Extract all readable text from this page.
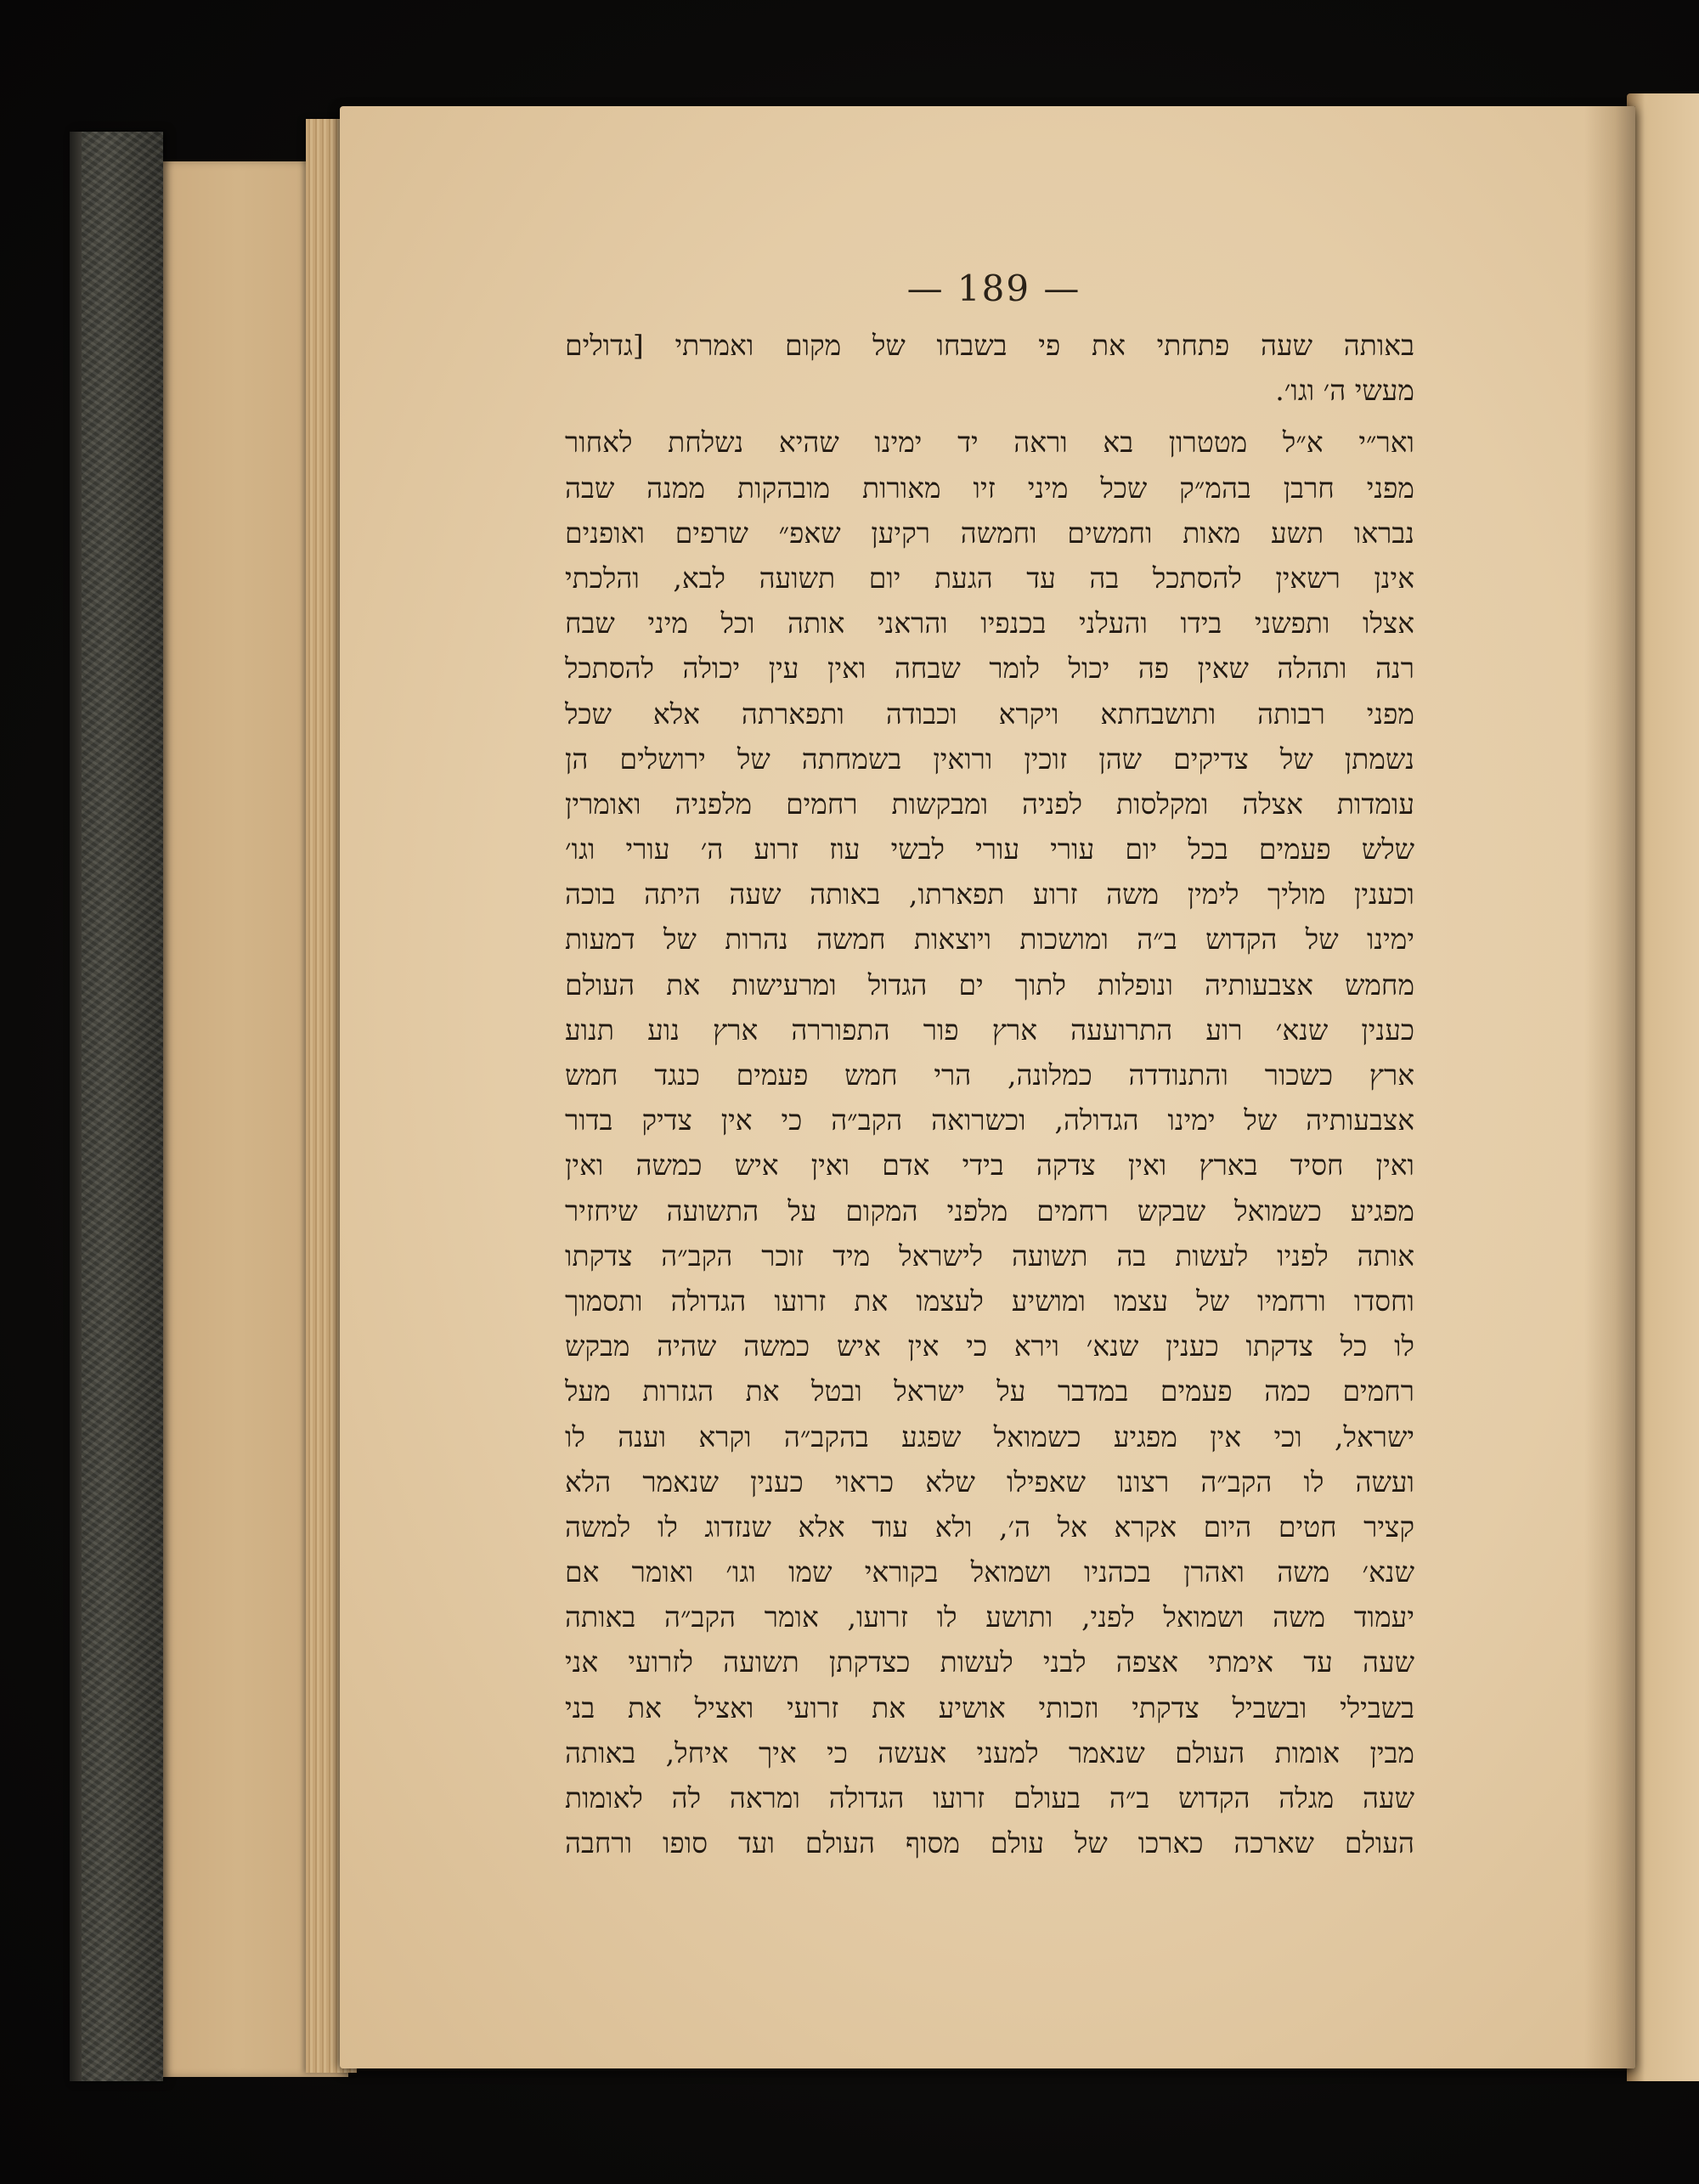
— 189 —
באותה שעה פתחתי את פי בשבחו של מקום ואמרתי [גדולים
מעשי ה׳ וגו׳.
ואר״י א״ל מטטרון בא וראה יד ימינו שהיא נשלחת לאחור
מפני חרבן בהמ״ק שכל מיני זיו מאורות מובהקות ממנה שבה
נבראו תשע מאות וחמשים וחמשה רקיען שאפ״ שרפים ואופנים
אינן רשאין להסתכל בה עד הגעת יום תשועה לבא, והלכתי
אצלו ותפשני בידו והעלני בכנפיו והראני אותה וכל מיני שבח
רנה ותהלה שאין פה יכול לומר שבחה ואין עין יכולה להסתכל
מפני רבותה ותושבחתא ויקרא וכבודה ותפארתה אלא שכל
נשמתן של צדיקים שהן זוכין ורואין בשמחתה של ירושלים הן
עומדות אצלה ומקלסות לפניה ומבקשות רחמים מלפניה ואומרין
שלש פעמים בכל יום עורי עורי לבשי עוז זרוע ה׳ עורי וגו׳
וכענין מוליך לימין משה זרוע תפארתו, באותה שעה היתה בוכה
ימינו של הקדוש ב״ה ומושכות ויוצאות חמשה נהרות של דמעות
מחמש אצבעותיה ונופלות לתוך ים הגדול ומרעישות את העולם
כענין שנא׳ רוע התרועעה ארץ פור התפוררה ארץ נוע תנוע
ארץ כשכור והתנודדה כמלונה, הרי חמש פעמים כנגד חמש
אצבעותיה של ימינו הגדולה, וכשרואה הקב״ה כי אין צדיק בדור
ואין חסיד בארץ ואין צדקה בידי אדם ואין איש כמשה ואין
מפגיע כשמואל שבקש רחמים מלפני המקום על התשועה שיחזיר
אותה לפניו לעשות בה תשועה לישראל מיד זוכר הקב״ה צדקתו
וחסדו ורחמיו של עצמו ומושיע לעצמו את זרועו הגדולה ותסמוך
לו כל צדקתו כענין שנא׳ וירא כי אין איש כמשה שהיה מבקש
רחמים כמה פעמים במדבר על ישראל ובטל את הגזרות מעל
ישראל, וכי אין מפגיע כשמואל שפגע בהקב״ה וקרא וענה לו
ועשה לו הקב״ה רצונו שאפילו שלא כראוי כענין שנאמר הלא
קציר חטים היום אקרא אל ה׳, ולא עוד אלא שנזדוג לו למשה
שנא׳ משה ואהרן בכהניו ושמואל בקוראי שמו וגו׳ ואומר אם
יעמוד משה ושמואל לפני, ותושע לו זרועו, אומר הקב״ה באותה
שעה עד אימתי אצפה לבני לעשות כצדקתן תשועה לזרועי אני
בשבילי ובשביל צדקתי וזכותי אושיע את זרועי ואציל את בני
מבין אומות העולם שנאמר למעני אעשה כי איך איחל, באותה
שעה מגלה הקדוש ב״ה בעולם זרועו הגדולה ומראה לה לאומות
העולם שארכה כארכו של עולם מסוף העולם ועד סופו ורחבה
